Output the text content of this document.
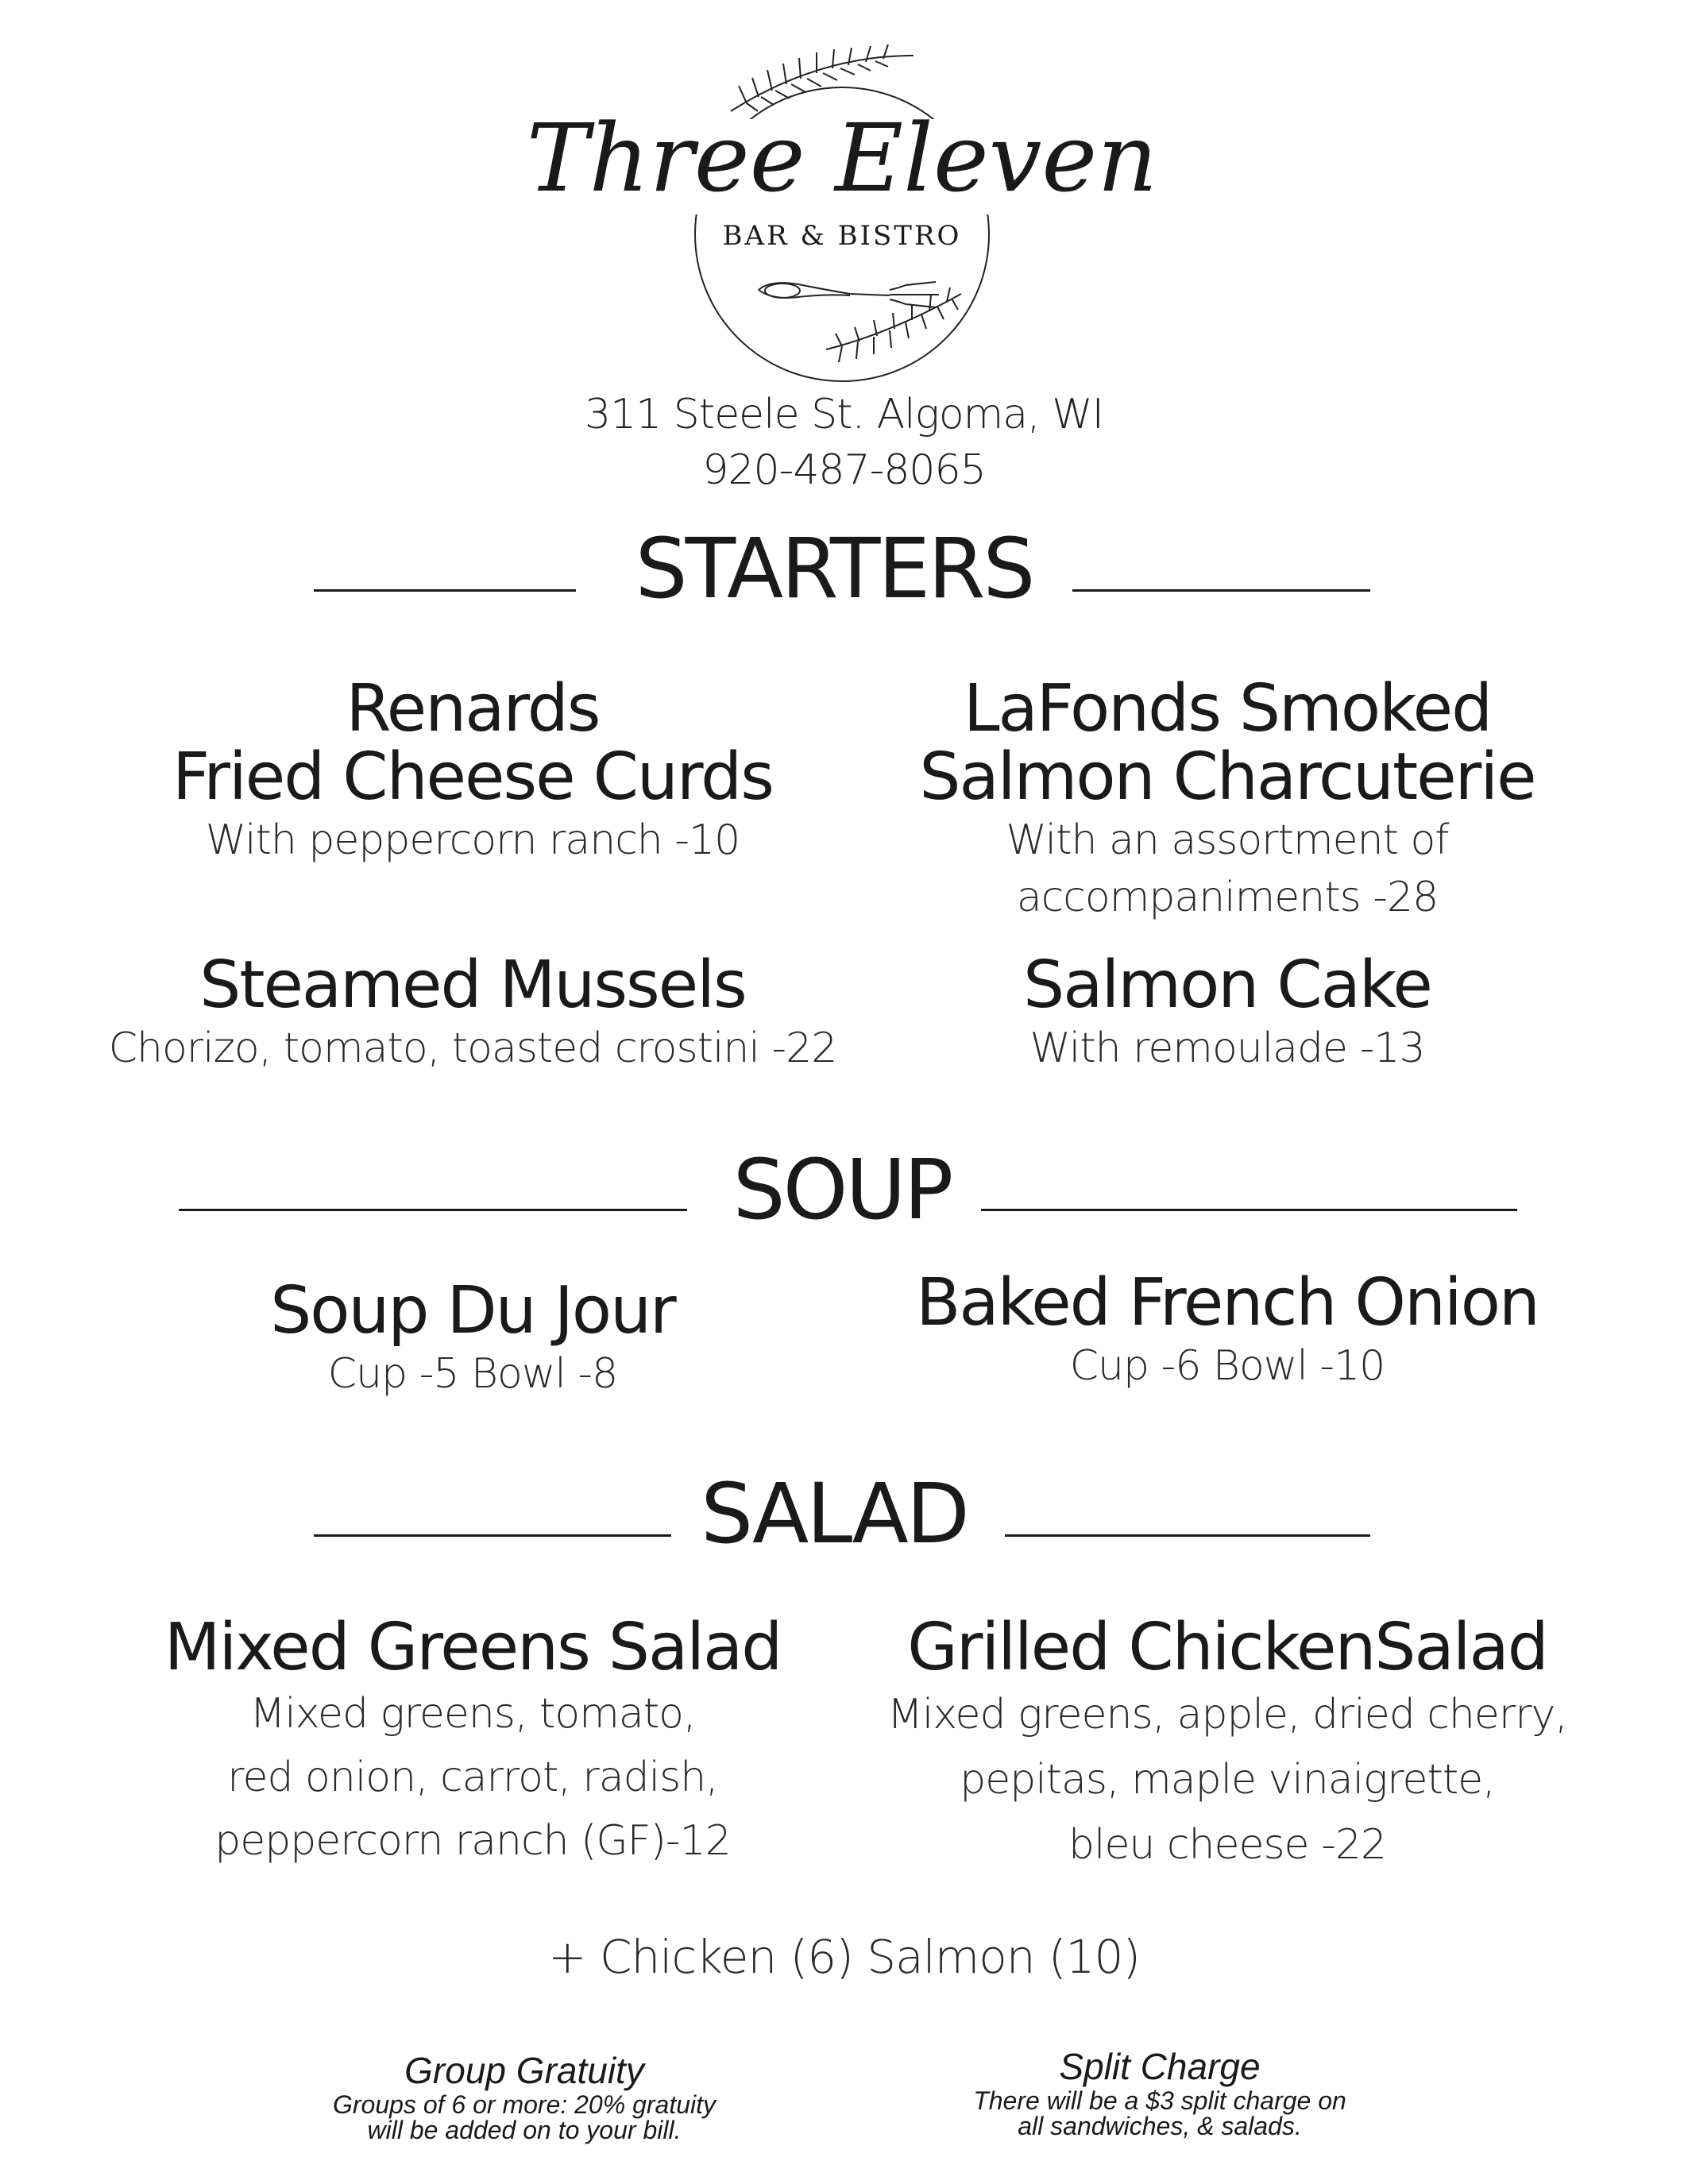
Three Eleven
BAR & BISTRO
311 Steele St. Algoma, WI
920-487-8065
STARTERS
Renards
Fried Cheese Curds
With peppercorn ranch -10
LaFonds Smoked
Salmon Charcuterie
With an assortment of
accompaniments -28
Steamed Mussels
Chorizo, tomato, toasted crostini -22
Salmon Cake
With remoulade -13
SOUP
Soup Du Jour
Cup -5 Bowl -8
Baked French Onion
Cup -6 Bowl -10
SALAD
Mixed Greens Salad
Mixed greens, tomato,
red onion, carrot, radish,
peppercorn ranch (GF)-12
Grilled ChickenSalad
Mixed greens, apple, dried cherry,
pepitas, maple vinaigrette,
bleu cheese -22
+ Chicken (6) Salmon (10)
Group Gratuity
Groups of 6 or more: 20% gratuity
will be added on to your bill.
Split Charge
There will be a $3 split charge on
all sandwiches, & salads.
